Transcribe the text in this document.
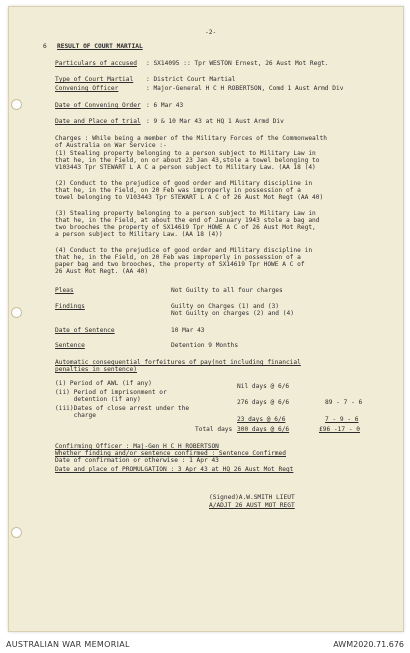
-2-
6 RESULT OF COURT MARTIAL
Particulars of accused : SX14095 :: Tpr WESTON Ernest, 26 Aust Mot Regt.
Type of Court Martial : District Court Martial
Convening Officer	: Major-General H C H ROBERTSON, Comd 1 Aust Armd Div
Date of Convening Order : 6 Mar 43
Date and Place of trial : 9 & 10 Mar 43 at HQ 1 Aust Armd Div
Charges : While being a member of the Military Forces of the Commonwealth
of Australia on War Service :-
(1) Stealing property belonging to a person subject to Military Law in
that he, in the Field, on or about 23 Jan 43,stole a towel belonging to
V103443 Tpr STEWART L A C a person subject to Military Law. (AA 18 (4)
(2) Conduct to the prejudice of good order and Military discipline in
that he, in the Field, on 20 Feb was improperly in possession of a
towel belonging to V103443 Tpr STEWART L A C of 26 Aust Mot Regt (AA 40)
(3) Stealing property belonging to a person subject to Military Law in
that he, in the Field, at about the end of January 1943 stole a bag and
two brooches the property of SX14619 Tpr HOWE A C of 26 Aust Mot Regt,
a person subject to Military Law. (AA 18 (4))
(4) Conduct to the prejudice of good order and Military discipline in
that he, in the Field, on 20 Feb was improperly in possession of a
paper bag and two brooches, the property of SX14619 Tpr HOWE A C of
26 Aust Mot Regt. (AA 40)
Pleas	Not Guilty to all four charges
Findings	Guilty on Charges (1) and (3)
Not Guilty on charges (2) and (4)
Date of Sentence	10 Mar 43
Sentence	Detention 9 Months
Automatic consequential forfeitures of pay(not including financial
penalties in sentence)
(i) Period of AWL (if any)	Nil days @ 6/6
(ii) Period of imprisonment or
detention (if any)	276 days @ 6/6	89 - 7 - 6
(iii)Dates of close arrest under the
charge
23 days @ 6/6	7 - 9 - 6
Total days 300 days @ 6/6	£96 -17 - 0
Confirming Officer : Maj-Gen H C H ROBERTSON
Whether finding and/or sentence confirmed : Sentence Confirmed
Date of confirmation or otherwise : 1 Apr 43
Date and place of PROMULGATION : 3 Apr 43 at HQ 26 Aust Mot Regt
(Signed)A.W.SMITH LIEUT
A/ADJT 26 AUST MOT REGT
AUSTRALIAN WAR MEMORIAL	AWM2020.71.676
